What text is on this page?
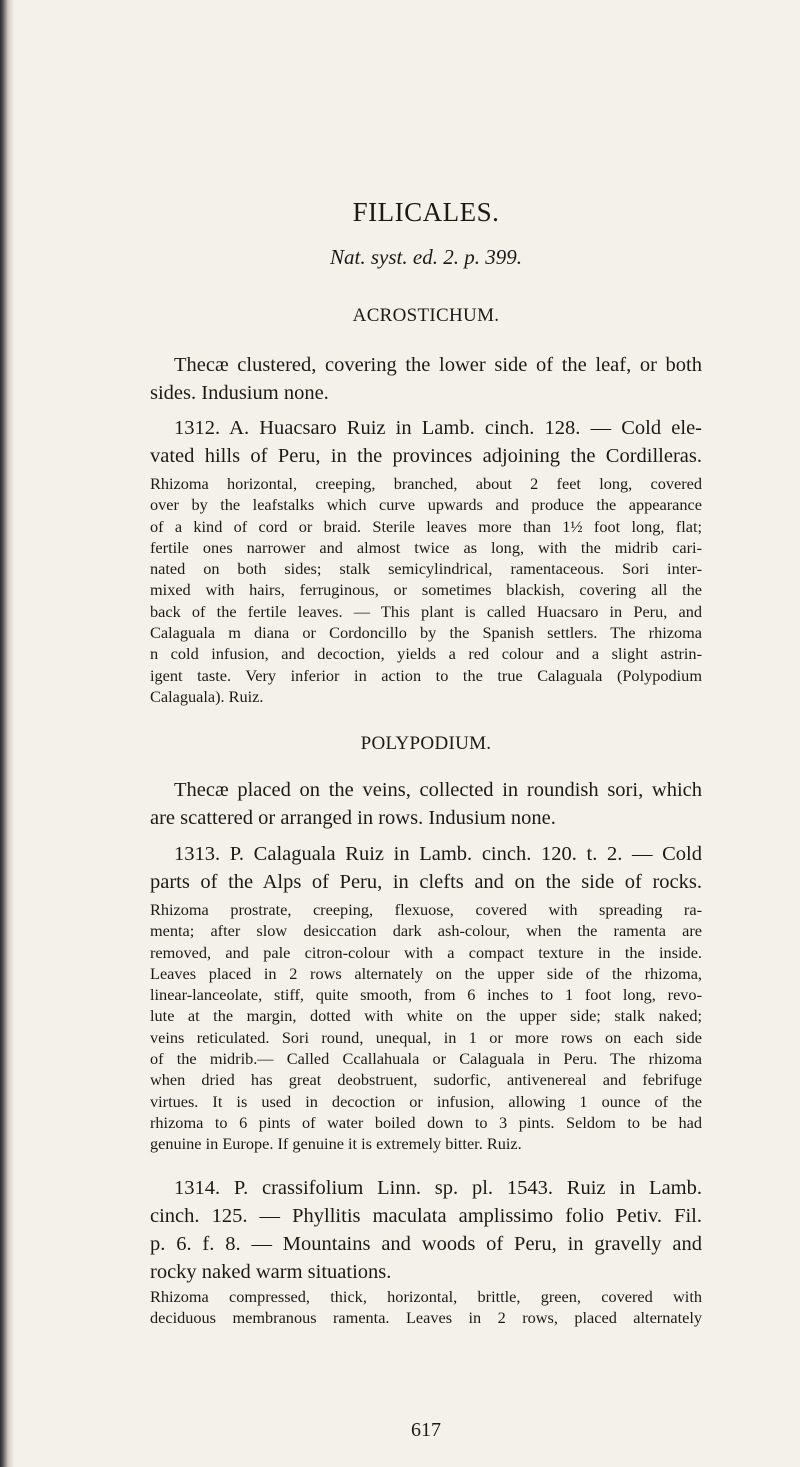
FILICALES.
Nat. syst. ed. 2. p. 399.
ACROSTICHUM.
Thecæ clustered, covering the lower side of the leaf, or both
sides. Indusium none.
1312. A. Huacsaro Ruiz in Lamb. cinch. 128. — Cold ele-
vated hills of Peru, in the provinces adjoining the Cordilleras.
Rhizoma horizontal, creeping, branched, about 2 feet long, covered
over by the leafstalks which curve upwards and produce the appearance
of a kind of cord or braid. Sterile leaves more than 1½ foot long, flat;
fertile ones narrower and almost twice as long, with the midrib cari-
nated on both sides; stalk semicylindrical, ramentaceous. Sori inter-
mixed with hairs, ferruginous, or sometimes blackish, covering all the
back of the fertile leaves. — This plant is called Huacsaro in Peru, and
Calaguala m diana or Cordoncillo by the Spanish settlers. The rhizoma
n cold infusion, and decoction, yields a red colour and a slight astrin-
igent taste. Very inferior in action to the true Calaguala (Polypodium
Calaguala). Ruiz.
POLYPODIUM.
Thecæ placed on the veins, collected in roundish sori, which
are scattered or arranged in rows. Indusium none.
1313. P. Calaguala Ruiz in Lamb. cinch. 120. t. 2. — Cold
parts of the Alps of Peru, in clefts and on the side of rocks.
Rhizoma prostrate, creeping, flexuose, covered with spreading ra-
menta; after slow desiccation dark ash-colour, when the ramenta are
removed, and pale citron-colour with a compact texture in the inside.
Leaves placed in 2 rows alternately on the upper side of the rhizoma,
linear-lanceolate, stiff, quite smooth, from 6 inches to 1 foot long, revo-
lute at the margin, dotted with white on the upper side; stalk naked;
veins reticulated. Sori round, unequal, in 1 or more rows on each side
of the midrib.— Called Ccallahuala or Calaguala in Peru. The rhizoma
when dried has great deobstruent, sudorfic, antivenereal and febrifuge
virtues. It is used in decoction or infusion, allowing 1 ounce of the
rhizoma to 6 pints of water boiled down to 3 pints. Seldom to be had
genuine in Europe. If genuine it is extremely bitter. Ruiz.
1314. P. crassifolium Linn. sp. pl. 1543. Ruiz in Lamb.
cinch. 125. — Phyllitis maculata amplissimo folio Petiv. Fil.
p. 6. f. 8. — Mountains and woods of Peru, in gravelly and
rocky naked warm situations.
Rhizoma compressed, thick, horizontal, brittle, green, covered with
deciduous membranous ramenta. Leaves in 2 rows, placed alternately
617
